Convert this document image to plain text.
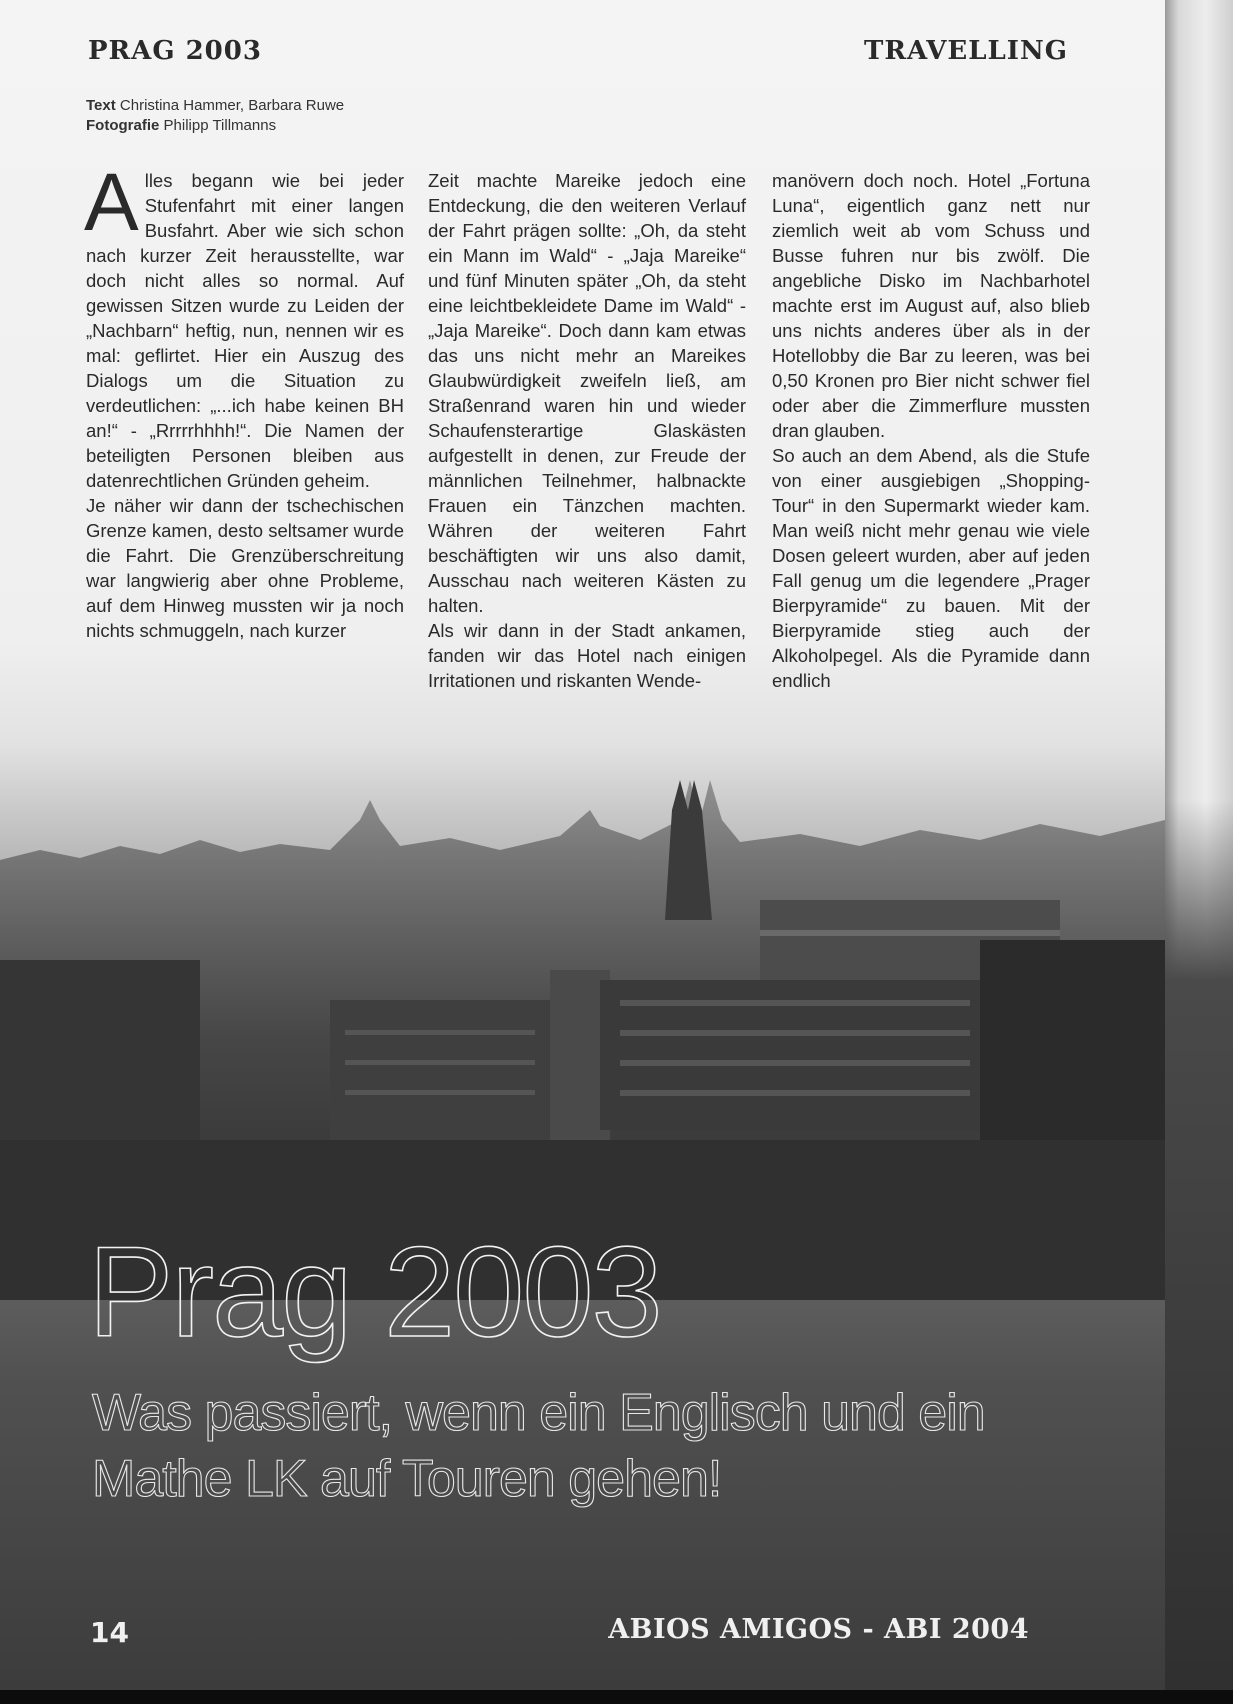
PRAG 2003	TRAVELLING
Text Christina Hammer, Barbara Ruwe
Fotografie Philipp Tillmanns

Alles begann wie bei jeder Stufenfahrt mit einer langen Busfahrt. Aber wie sich schon nach kurzer Zeit herausstellte, war doch nicht alles so normal. Auf gewissen Sitzen wurde zu Leiden der „Nachbarn“ heftig, nun, nennen wir es mal: geflirtet. Hier ein Auszug des Dialogs um die Situation zu verdeutlichen: „...ich habe keinen BH an!“ - „Rrrrrhhhh!“. Die Namen der beteiligten Personen bleiben aus datenrechtlichen Gründen geheim.

Je näher wir dann der tschechischen Grenze kamen, desto seltsamer wurde die Fahrt. Die Grenzüberschreitung war langwierig aber ohne Probleme, auf dem Hinweg mussten wir ja noch nichts schmuggeln, nach kurzer

Zeit machte Mareike jedoch eine Entdeckung, die den weiteren Verlauf der Fahrt prägen sollte: „Oh, da steht ein Mann im Wald“ - „Jaja Mareike“ und fünf Minuten später „Oh, da steht eine leichtbekleidete Dame im Wald“ - „Jaja Mareike“. Doch dann kam etwas das uns nicht mehr an Mareikes Glaubwürdigkeit zweifeln ließ, am Straßenrand waren hin und wieder Schaufensterartige Glaskästen aufgestellt in denen, zur Freude der männlichen Teilnehmer, halbnackte Frauen ein Tänzchen machten. Währen der weiteren Fahrt beschäftigten wir uns also damit, Ausschau nach weiteren Kästen zu halten.

Als wir dann in der Stadt ankamen, fanden wir das Hotel nach einigen Irritationen und riskanten Wende-

manövern doch noch. Hotel „Fortuna Luna“, eigentlich ganz nett nur ziemlich weit ab vom Schuss und Busse fuhren nur bis zwölf. Die angebliche Disko im Nachbarhotel machte erst im August auf, also blieb uns nichts anderes über als in der Hotellobby die Bar zu leeren, was bei 0,50 Kronen pro Bier nicht schwer fiel oder aber die Zimmerflure mussten dran glauben.

So auch an dem Abend, als die Stufe von einer ausgiebigen „Shopping-Tour“ in den Supermarkt wieder kam. Man weiß nicht mehr genau wie viele Dosen geleert wurden, aber auf jeden Fall genug um die legendere „Prager Bierpyramide“ zu bauen. Mit der Bierpyramide stieg auch der Alkoholpegel. Als die Pyramide dann endlich

Prag 2003
Was passiert, wenn ein Englisch und ein Mathe LK auf Touren gehen!
14	ABIOS AMIGOS - ABI 2004
